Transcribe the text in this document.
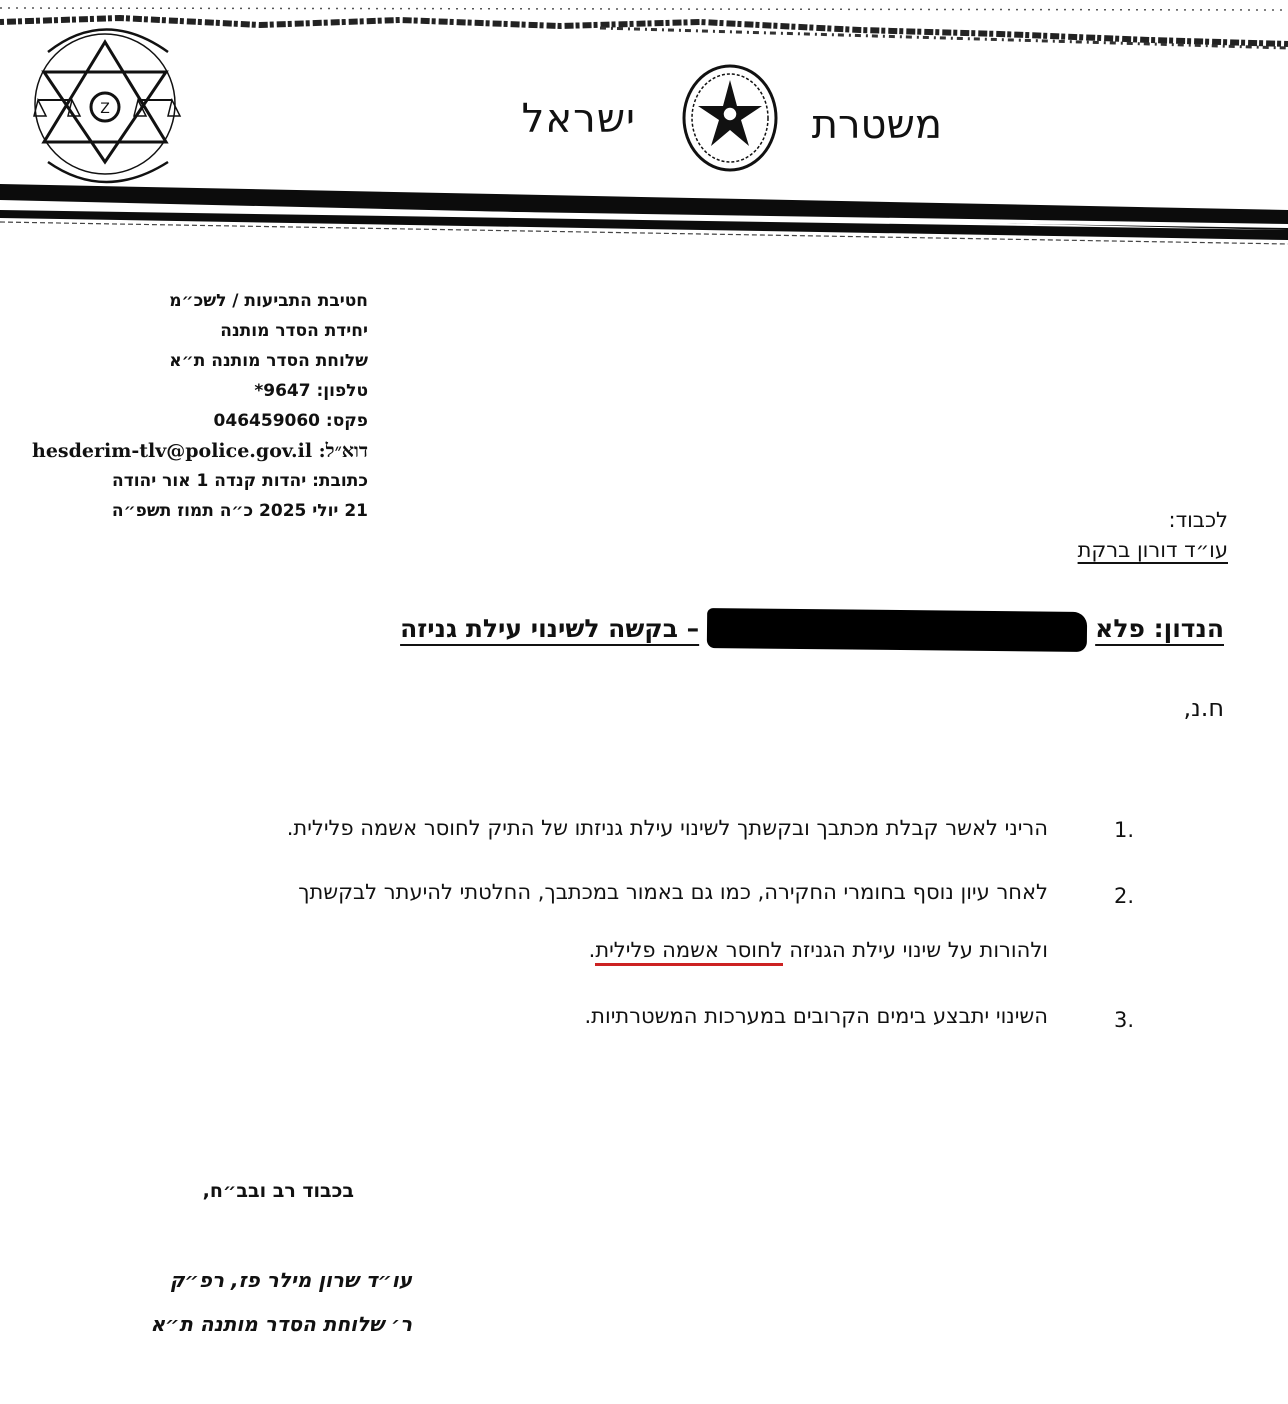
Z	משטרת
ישראל
חטיבת התביעות / לשכ״מ
יחידת הסדר מותנה
שלוחת הסדר מותנה ת״א
טלפון: 9647*
פקס: 046459060
דוא״ל: hesderim-tlv@police.gov.il
כתובת: יהדות קנדה 1 אור יהודה
21 יולי 2025 כ״ה תמוז תשפ״ה	לכבוד:
עו״ד דורון ברקת
הנדון: פלא– בקשה לשינוי עילת גניזה
ח.נ,
1.
הריני לאשר קבלת מכתבך ובקשתך לשינוי עילת גניזתו של התיק לחוסר אשמה פלילית.
2.
לאחר עיון נוסף בחומרי החקירה, כמו גם באמור במכתבך, החלטתי להיעתר לבקשתך
ולהורות על שינוי עילת הגניזה לחוסר אשמה פלילית.
3.
השינוי יתבצע בימים הקרובים במערכות המשטרתיות.
בכבוד רב ובב״ח,
עו״ד שרון מילר פז, רפ״ק
ר׳ שלוחת הסדר מותנה ת״א
